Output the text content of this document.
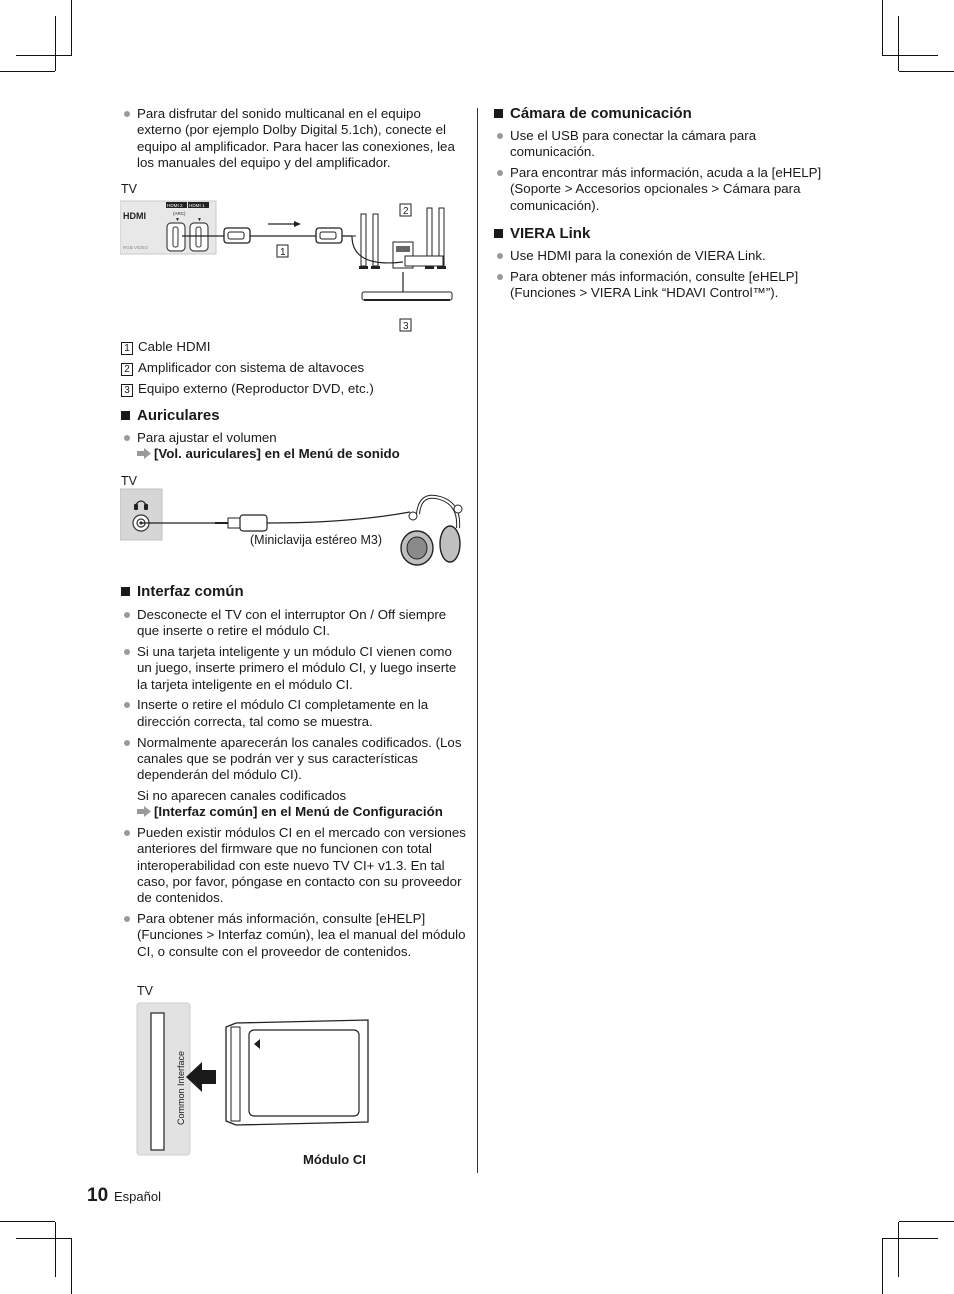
Para disfrutar del sonido multicanal en el equipo externo (por ejemplo Dolby Digital 5.1ch), conecte el equipo al amplificador. Para hacer las conexiones, lea los manuales del equipo y del amplificador.
TV
HDMI
HDMI 2 HDMI 1
(ARC)
▼	▼
RGB VIDEO	1
2
3
1 Cable HDMI
2 Amplificador con sistema de altavoces
3 Equipo externo (Reproductor DVD, etc.)
Auriculares
Para ajustar el volumen
[Vol. auriculares] en el Menú de sonido
TV
(Miniclavija estéreo M3)
Interfaz común
Desconecte el TV con el interruptor On / Off siempre que inserte o retire el módulo CI.
Si una tarjeta inteligente y un módulo CI vienen como un juego, inserte primero el módulo CI, y luego inserte la tarjeta inteligente en el módulo CI.
Inserte o retire el módulo CI completamente en la dirección correcta, tal como se muestra.
Normalmente aparecerán los canales codificados. (Los canales que se podrán ver y sus características dependerán del módulo CI).
Si no aparecen canales codificados
[Interfaz común] en el Menú de Configuración
Pueden existir módulos CI en el mercado con versiones anteriores del firmware que no funcionen con total interoperabilidad con este nuevo TV CI+ v1.3. En tal caso, por favor, póngase en contacto con su proveedor de contenidos.
Para obtener más información, consulte [eHELP] (Funciones > Interfaz común), lea el manual del módulo CI, o consulte con el proveedor de contenidos.
TV
Common Interface
Módulo CI
Cámara de comunicación
Use el USB para conectar la cámara para comunicación.
Para encontrar más información, acuda a la [eHELP] (Soporte > Accesorios opcionales > Cámara para comunicación).
VIERA Link
Use HDMI para la conexión de VIERA Link.
Para obtener más información, consulte [eHELP] (Funciones > VIERA Link “HDAVI Control™”).
10 Español
